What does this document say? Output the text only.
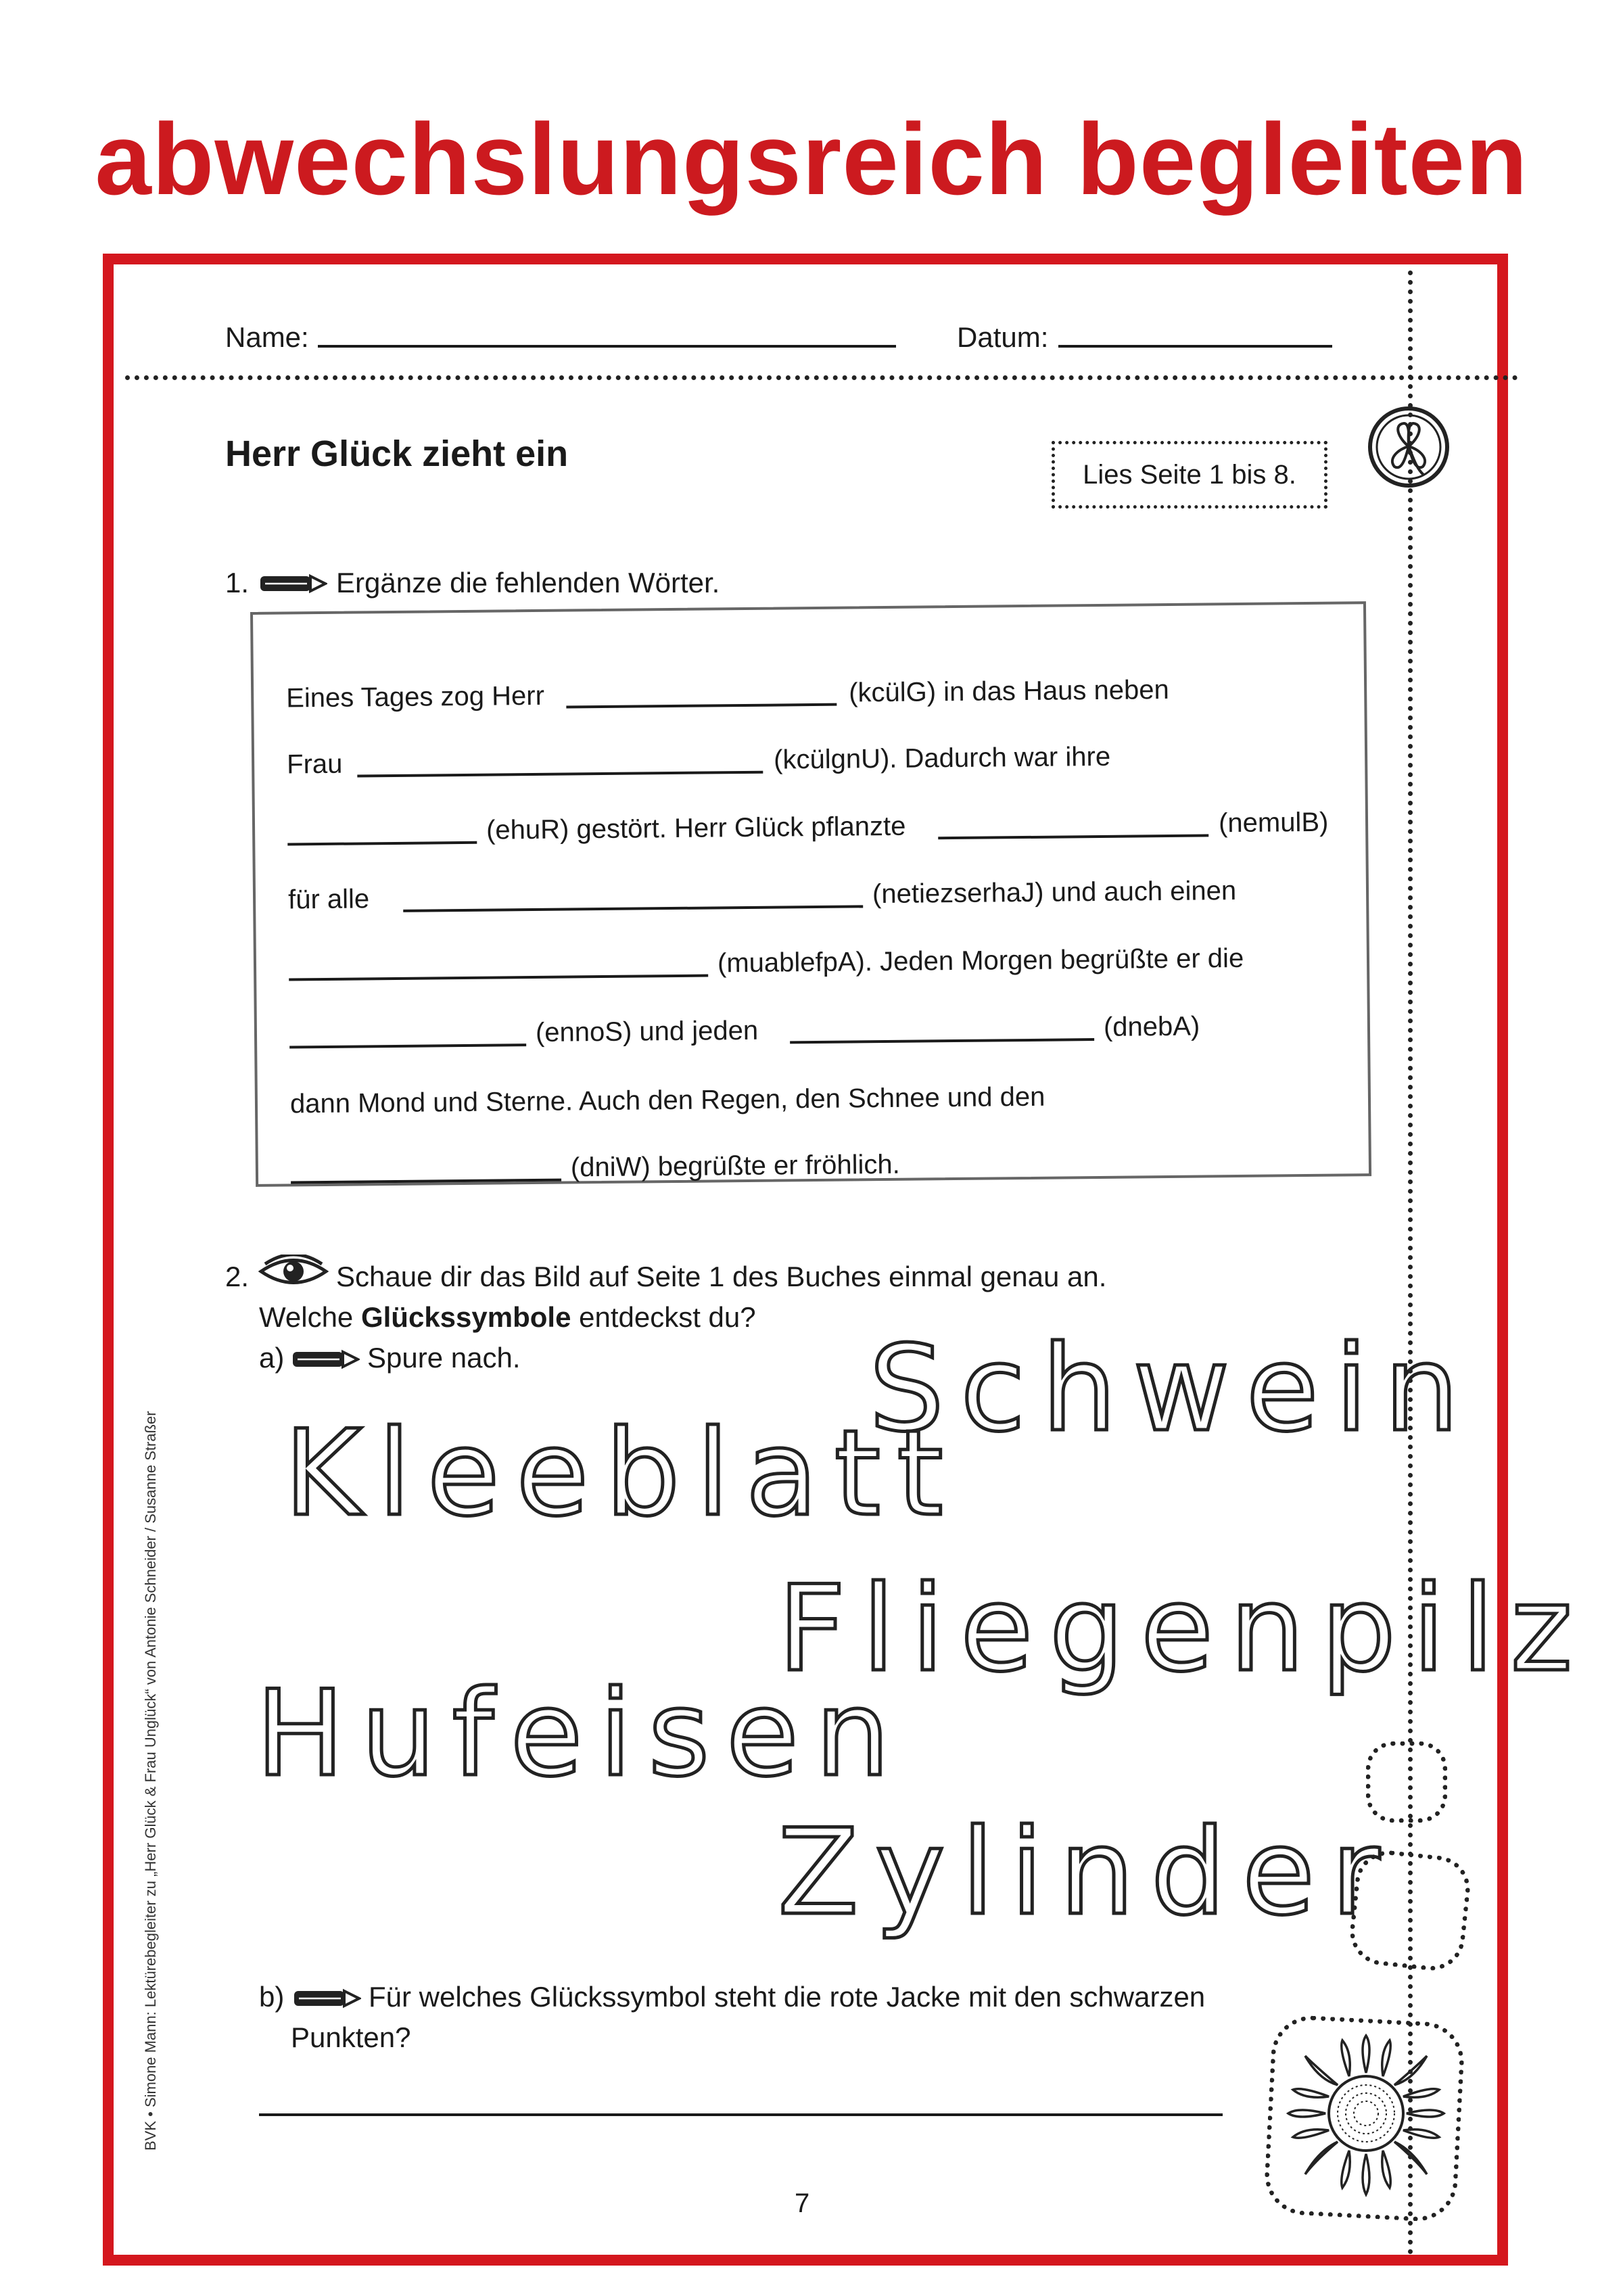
abwechslungsreich begleiten
Name:	Datum:
Herr Glück zieht ein
Lies Seite 1 bis 8.
1.	Ergänze die fehlenden Wörter.
Eines Tages zog Herr	(kcülG) in das Haus neben
Frau	(kcülgnU). Dadurch war ihre
(ehuR) gestört. Herr Glück pflanzte	(nemulB)
für alle	(netiezserhaJ) und auch einen
(muablefpA). Jeden Morgen begrüßte er die
(ennoS) und jeden	(dnebA)
dann Mond und Sterne. Auch den Regen, den Schnee und den
(dniW) begrüßte er fröhlich.
2.	Schaue dir das Bild auf Seite 1 des Buches einmal genau an.
Welche Glückssymbole entdeckst du?
a)	Spure nach.	Schwein
Kleeblatt
Fliegenpilz
Hufeisen
Zylinder
b)	Für welches Glückssymbol steht die rote Jacke mit den schwarzen
Punkten?
BVK • Simone Mann: Lektürebegleiter zu „Herr Glück & Frau Unglück“ von Antonie Schneider / Susanne Straßer
7
